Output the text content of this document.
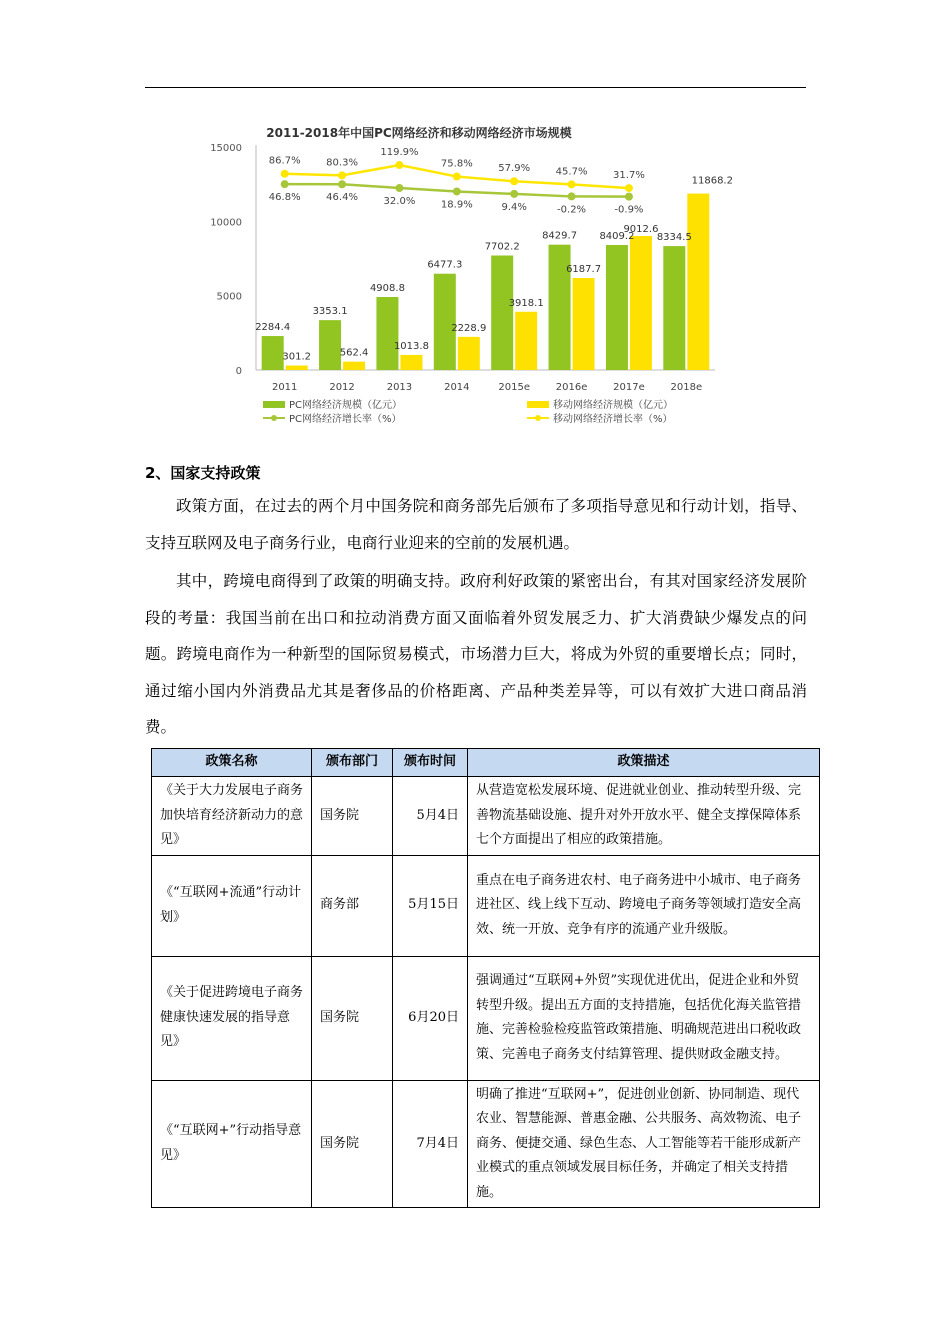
2011-2018年中国PC网络经济和移动网络经济市场规模
0
5000
10000
15000
2011	2012	2013	2014	2015e	2016e	2017e	2018e
2284.4
3353.1
4908.8
6477.3
7702.2
8429.7 8409.2 8334.5
301.2	562.4
1013.8
2228.9
3918.1
6187.7
9012.6
11868.2
46.8%	46.4%	32.0%	18.9%	9.4%	-0.2%	-0.9%
86.7%	80.3%
119.9%
75.8%	57.9%	45.7%	31.7%
PC网络经济规模（亿元）	移动网络经济规模（亿元）
PC网络经济增长率（%）	移动网络经济增长率（%）
2、国家支持政策

政策方面，在过去的两个月中国务院和商务部先后颁布了多项指导意见和行动计划，指导、支持互联网及电子商务行业，电商行业迎来的空前的发展机遇。

其中，跨境电商得到了政策的明确支持。政府利好政策的紧密出台，有其对国家经济发展阶段的考量：我国当前在出口和拉动消费方面又面临着外贸发展乏力、扩大消费缺少爆发点的问题。跨境电商作为一种新型的国际贸易模式，市场潜力巨大，将成为外贸的重要增长点；同时，通过缩小国内外消费品尤其是奢侈品的价格距离、产品种类差异等，可以有效扩大进口商品消费。

政策名称	颁布部门	颁布时间	政策描述
《关于大力发展电子商务加快培育经济新动力的意见》	国务院	5月4日	从营造宽松发展环境、促进就业创业、推动转型升级、完善物流基础设施、提升对外开放水平、健全支撑保障体系七个方面提出了相应的政策措施。
《“互联网+流通”行动计划》	商务部	5月15日	重点在电子商务进农村、电子商务进中小城市、电子商务进社区、线上线下互动、跨境电子商务等领域打造安全高效、统一开放、竞争有序的流通产业升级版。
《关于促进跨境电子商务健康快速发展的指导意见》	国务院	6月20日	强调通过“互联网+外贸”实现优进优出，促进企业和外贸转型升级。提出五方面的支持措施，包括优化海关监管措施、完善检验检疫监管政策措施、明确规范进出口税收政策、完善电子商务支付结算管理、提供财政金融支持。
《“互联网+”行动指导意见》	国务院	7月4日	明确了推进“互联网+”，促进创业创新、协同制造、现代农业、智慧能源、普惠金融、公共服务、高效物流、电子商务、便捷交通、绿色生态、人工智能等若干能形成新产业模式的重点领域发展目标任务，并确定了相关支持措施。
